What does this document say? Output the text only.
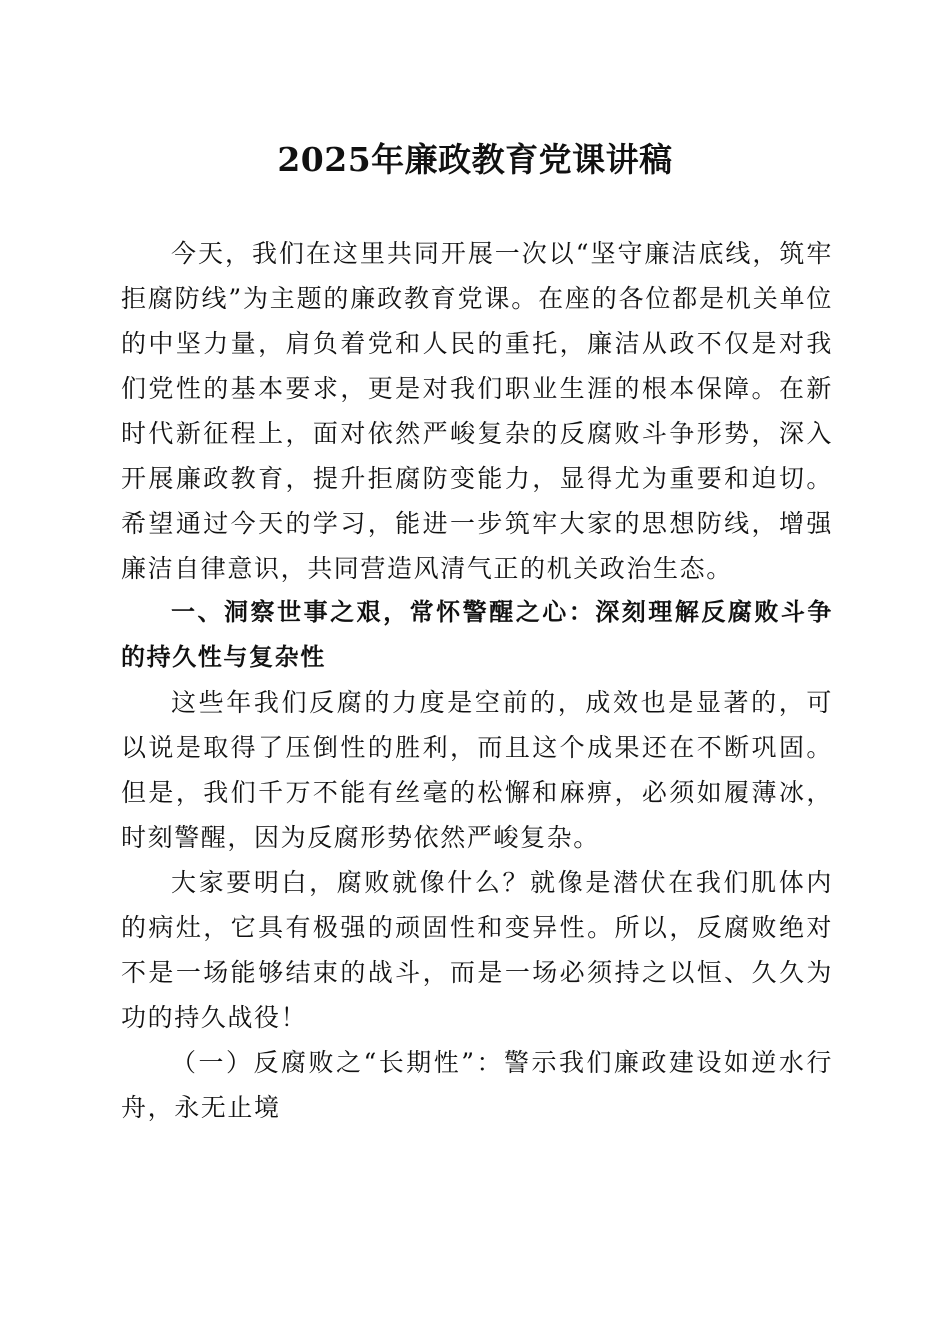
2025年廉政教育党课讲稿

今天，我们在这里共同开展一次以“坚守廉洁底线，筑牢拒腐防线”为主题的廉政教育党课。在座的各位都是机关单位的中坚力量，肩负着党和人民的重托，廉洁从政不仅是对我们党性的基本要求，更是对我们职业生涯的根本保障。在新时代新征程上，面对依然严峻复杂的反腐败斗争形势，深入开展廉政教育，提升拒腐防变能力，显得尤为重要和迫切。希望通过今天的学习，能进一步筑牢大家的思想防线，增强廉洁自律意识，共同营造风清气正的机关政治生态。

一、洞察世事之艰，常怀警醒之心：深刻理解反腐败斗争的持久性与复杂性

这些年我们反腐的力度是空前的，成效也是显著的，可以说是取得了压倒性的胜利，而且这个成果还在不断巩固。但是，我们千万不能有丝毫的松懈和麻痹，必须如履薄冰，时刻警醒，因为反腐形势依然严峻复杂。

大家要明白，腐败就像什么？就像是潜伏在我们肌体内的病灶，它具有极强的顽固性和变异性。所以，反腐败绝对不是一场能够结束的战斗，而是一场必须持之以恒、久久为功的持久战役！

（一）反腐败之“长期性”：警示我们廉政建设如逆水行舟，永无止境
